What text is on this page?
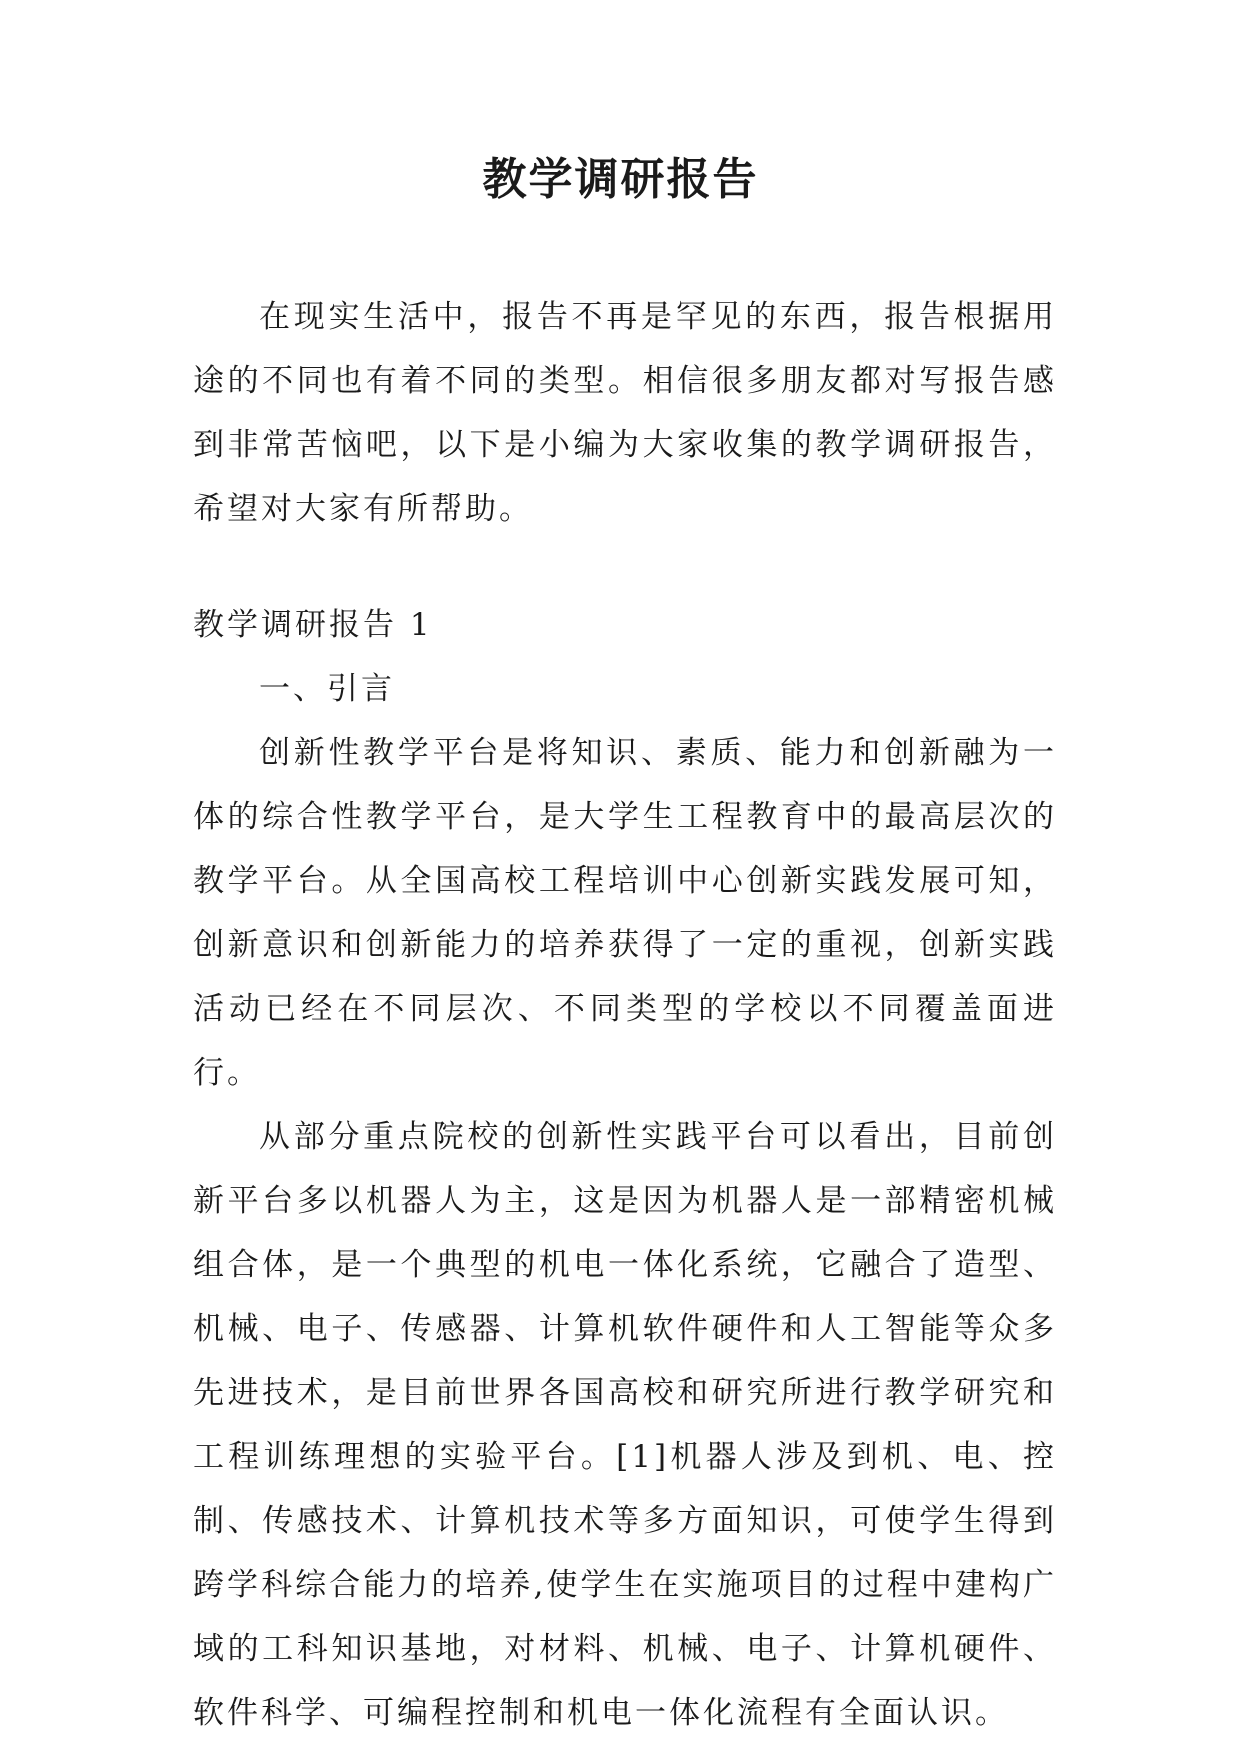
教学调研报告

在现实生活中，报告不再是罕见的东西，报告根据用途的不同也有着不同的类型。相信很多朋友都对写报告感到非常苦恼吧，以下是小编为大家收集的教学调研报告，希望对大家有所帮助。

教学调研报告 1

一、引言

创新性教学平台是将知识、素质、能力和创新融为一体的综合性教学平台，是大学生工程教育中的最高层次的教学平台。从全国高校工程培训中心创新实践发展可知，创新意识和创新能力的培养获得了一定的重视，创新实践活动已经在不同层次、不同类型的学校以不同覆盖面进行。

从部分重点院校的创新性实践平台可以看出，目前创新平台多以机器人为主，这是因为机器人是一部精密机械组合体，是一个典型的机电一体化系统，它融合了造型、机械、电子、传感器、计算机软件硬件和人工智能等众多先进技术，是目前世界各国高校和研究所进行教学研究和工程训练理想的实验平台。[1]机器人涉及到机、电、控制、传感技术、计算机技术等多方面知识，可使学生得到跨学科综合能力的培养,使学生在实施项目的过程中建构广域的工科知识基地，对材料、机械、电子、计算机硬件、软件科学、可编程控制和机电一体化流程有全面认识。
